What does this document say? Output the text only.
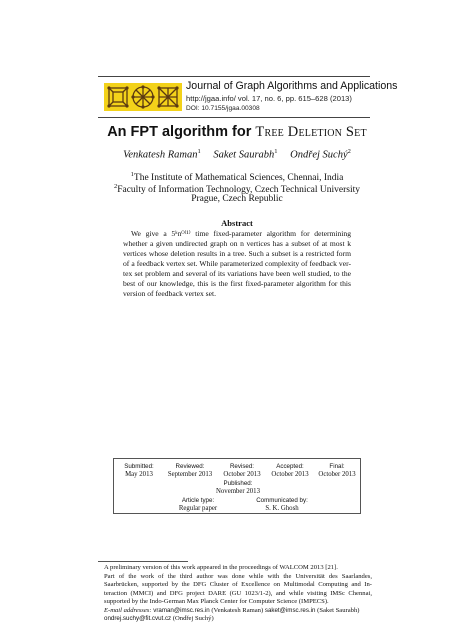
Journal of Graph Algorithms and Applications
http://jgaa.info/ vol. 17, no. 6, pp. 615–628 (2013)
DOI: 10.7155/jgaa.00308
An FPT algorithm for Tree Deletion Set
Venkatesh Raman$^1$ Saket Saurabh$^1$ Ondřej Suchý$^2$
$^1$The Institute of Mathematical Sciences, Chennai, India
$^2$Faculty of Information Technology, Czech Technical University
Prague, Czech Republic
Abstract
We give a 5ᵏnᴼ⁽¹⁾ time fixed-parameter algorithm for determining
whether a given undirected graph on n vertices has a subset of at most k
vertices whose deletion results in a tree. Such a subset is a restricted form
of a feedback vertex set. While parameterized complexity of feedback ver-
tex set problem and several of its variations have been well studied, to the
best of our knowledge, this is the first fixed-parameter algorithm for this
version of feedback vertex set.
Submitted:
May 2013
Reviewed:
September 2013
Revised:
October 2013
Accepted:
October 2013
Final:
October 2013
Published:
November 2013
Article type:
Regular paper
Communicated by:
S. K. Ghosh
A preliminary version of this work appeared in the proceedings of WALCOM 2013 [21].
Part of the work of the third author was done while with the Universität des Saarlandes,
Saarbrücken, supported by the DFG Cluster of Excellence on Multimodal Computing and In-
teraction (MMCI) and DFG project DARE (GU 1023/1-2), and while visiting IMSc Chennai,
supported by the Indo-German Max Planck Center for Computer Science (IMPECS).
E-mail addresses: vraman@imsc.res.in (Venkatesh Raman) saket@imsc.res.in (Saket Saurabh)
ondrej.suchy@fit.cvut.cz (Ondřej Suchý)
